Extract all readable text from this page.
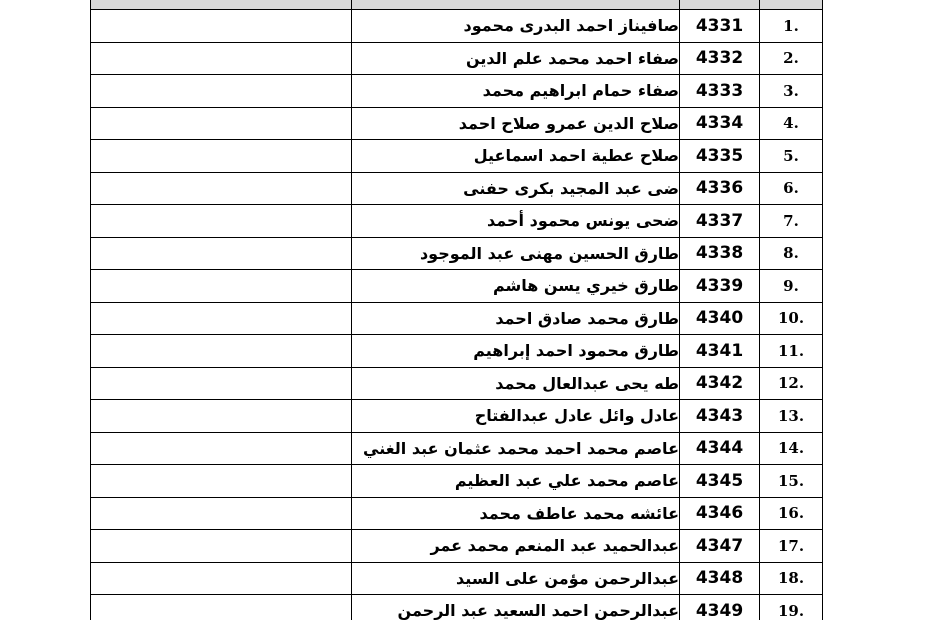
.1	4331	صافيناز احمد البدرى محمود	
.2	4332	صفاء احمد محمد علم الدين	
.3	4333	صفاء حمام ابراهيم محمد	
.4	4334	صلاح الدين عمرو صلاح احمد	
.5	4335	صلاح عطية احمد اسماعيل	
.6	4336	ضى عبد المجيد بكرى حفنى	
.7	4337	ضحى يونس محمود أحمد	
.8	4338	طارق الحسين مهنى عبد الموجود	
.9	4339	طارق خيري يسن هاشم	
.10	4340	طارق محمد صادق احمد	
.11	4341	طارق محمود احمد إبراهيم	
.12	4342	طه يحى عبدالعال محمد	
.13	4343	عادل وائل عادل عبدالفتاح	
.14	4344	عاصم محمد احمد محمد عثمان عبد الغني	
.15	4345	عاصم محمد علي عبد العظيم	
.16	4346	عائشه محمد عاطف محمد	
.17	4347	عبدالحميد عبد المنعم محمد عمر	
.18	4348	عبدالرحمن مؤمن على السيد	
.19	4349	عبدالرحمن احمد السعيد عبد الرحمن	
